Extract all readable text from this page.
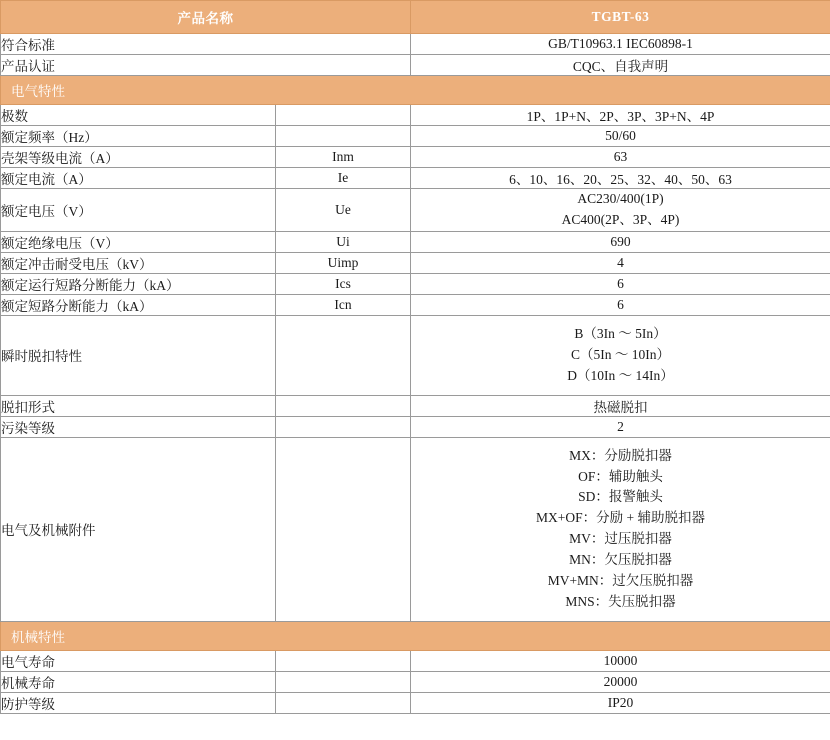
产品名称		TGBT-63
符合标准		GB/T10963.1 IEC60898-1
产品认证		CQC、自我声明
电气特性		
极数		1P、1P+N、2P、3P、3P+N、4P
额定频率（Hz）		50/60
壳架等级电流（A）	Inm	63
额定电流（A）	Ie	6、10、16、20、25、32、40、50、63
额定电压（V）	Ue	AC230/400(1P)
AC400(2P、3P、4P)

额定绝缘电压（V）	Ui	690
额定冲击耐受电压（kV）	Uimp	4
额定运行短路分断能力（kA）	Ics	6
额定短路分断能力（kA）	Icn	6
瞬时脱扣特性		B（3In ～ 5In）
C（5In ～ 10In）
D（10In ～ 14In）

脱扣形式		热磁脱扣
污染等级		2
电气及机械附件		
MX：分励脱扣器
OF：辅助触头
SD：报警触头
MX+OF：分励 + 辅助脱扣器
MV：过压脱扣器
MN：欠压脱扣器
MV+MN：过欠压脱扣器
MNS：失压脱扣器

机械特性		
电气寿命		10000
机械寿命		20000
防护等级		IP20
